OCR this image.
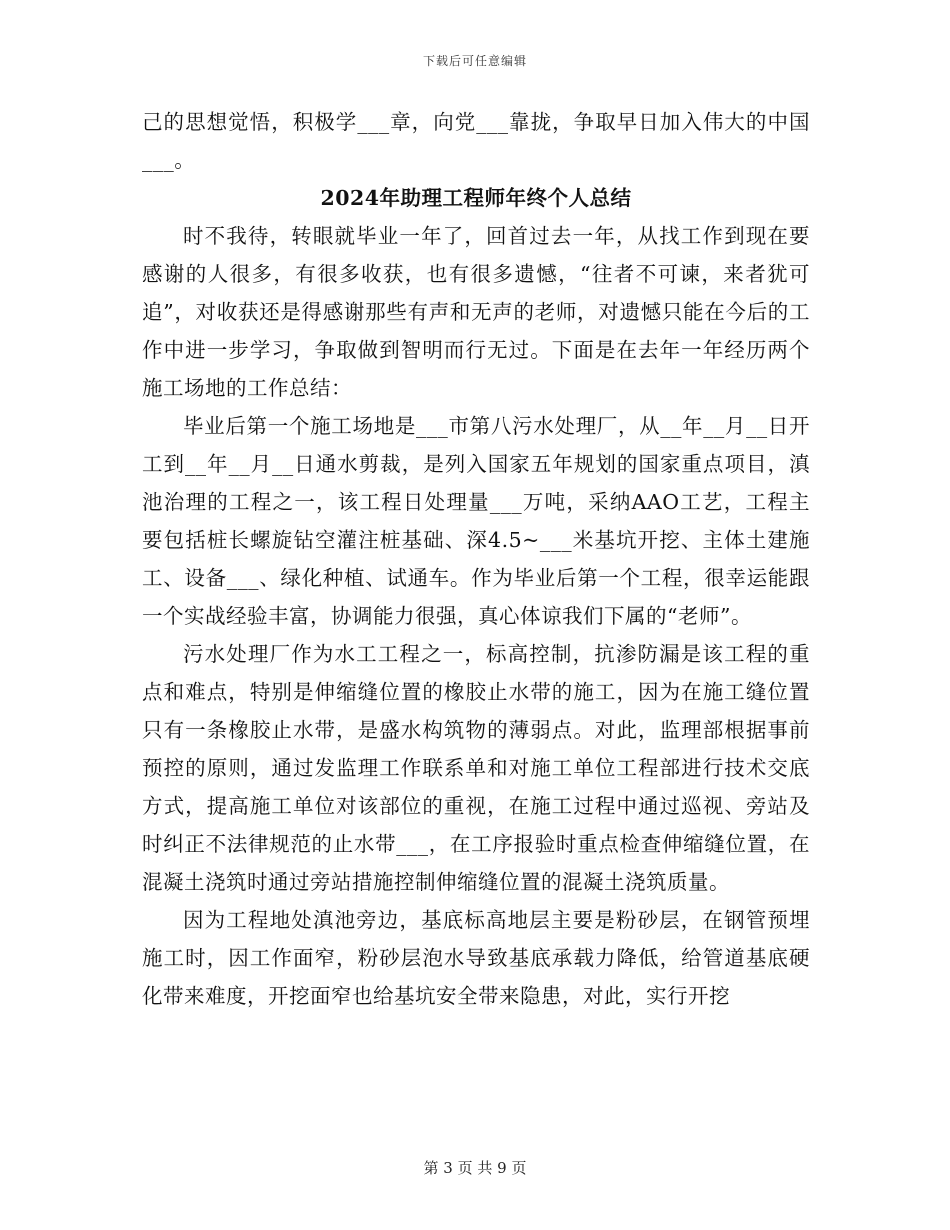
下载后可任意编辑

己的思想觉悟，积极学___章，向党___靠拢，争取早日加入伟大的中国___。

2024年助理工程师年终个人总结

时不我待，转眼就毕业一年了，回首过去一年，从找工作到现在要感谢的人很多，有很多收获，也有很多遗憾，“往者不可谏，来者犹可追”，对收获还是得感谢那些有声和无声的老师，对遗憾只能在今后的工作中进一步学习，争取做到智明而行无过。下面是在去年一年经历两个施工场地的工作总结：

毕业后第一个施工场地是___市第八污水处理厂，从__年__月__日开工到__年__月__日通水剪裁，是列入国家五年规划的国家重点项目，滇池治理的工程之一，该工程日处理量___万吨，采纳AAO工艺，工程主要包括桩长螺旋钻空灌注桩基础、深4.5~___米基坑开挖、主体土建施工、设备___、绿化种植、试通车。作为毕业后第一个工程，很幸运能跟一个实战经验丰富，协调能力很强，真心体谅我们下属的“老师”。

污水处理厂作为水工工程之一，标高控制，抗渗防漏是该工程的重点和难点，特别是伸缩缝位置的橡胶止水带的施工，因为在施工缝位置只有一条橡胶止水带，是盛水构筑物的薄弱点。对此，监理部根据事前预控的原则，通过发监理工作联系单和对施工单位工程部进行技术交底方式，提高施工单位对该部位的重视，在施工过程中通过巡视、旁站及时纠正不法律规范的止水带___，在工序报验时重点检查伸缩缝位置，在混凝土浇筑时通过旁站措施控制伸缩缝位置的混凝土浇筑质量。

因为工程地处滇池旁边，基底标高地层主要是粉砂层，在钢管预埋施工时，因工作面窄，粉砂层泡水导致基底承载力降低，给管道基底硬化带来难度，开挖面窄也给基坑安全带来隐患，对此，实行开挖

第 3 页 共 9 页
